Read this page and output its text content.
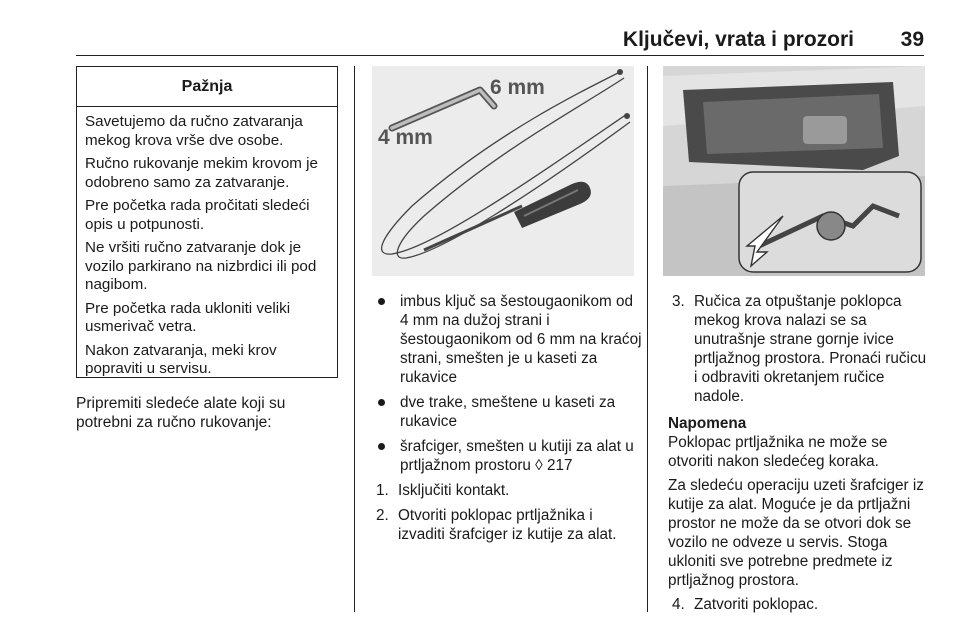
Ključevi, vrata i prozori 39
Pažnja

Savetujemo da ručno zatvaranja mekog krova vrše dve osobe.

Ručno rukovanje mekim krovom je odobreno samo za zatvaranje.

Pre početka rada pročitati sledeći opis u potpunosti.

Ne vršiti ručno zatvaranje dok je vozilo parkirano na nizbrdici ili pod nagibom.

Pre početka rada ukloniti veliki usmerivač vetra.

Nakon zatvaranja, meki krov popraviti u servisu.

Pripremiti sledeće alate koji su potrebni za ručno rukovanje:

6 mm
4 mm
imbus ključ sa šestougaonikom od 4 mm na dužoj strani i šestougaonikom od 6 mm na kraćoj strani, smešten je u kaseti za rukavice
dve trake, smeštene u kaseti za rukavice
šrafciger, smešten u kutiji za alat u prtljažnom prostoru ◊ 217
1. Isključiti kontakt.
2. Otvoriti poklopac prtljažnika i izvaditi šrafciger iz kutije za alat.
3. Ručica za otpuštanje poklopca mekog krova nalazi se sa unutrašnje strane gornje ivice prtljažnog prostora. Pronaći ručicu i odbraviti okretanjem ručice nadole.
Napomena

Poklopac prtljažnika ne može se otvoriti nakon sledećeg koraka.

Za sledeću operaciju uzeti šrafciger iz kutije za alat. Moguće je da prtljažni prostor ne može da se otvori dok se vozilo ne odveze u servis. Stoga ukloniti sve potrebne predmete iz prtljažnog prostora.

4. Zatvoriti poklopac.
